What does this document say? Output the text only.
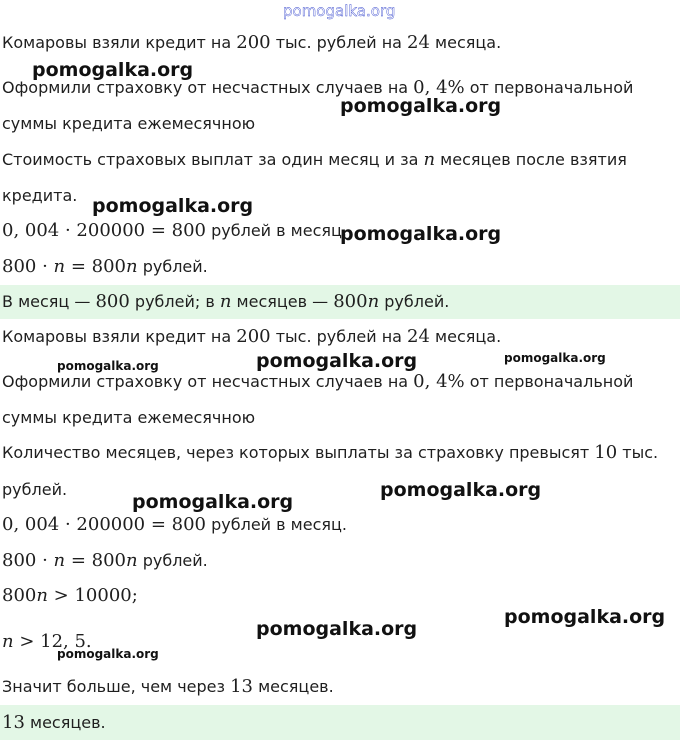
pomogalka.org
Комаровы взяли кредит на 200 тыс. рублей на 24 месяца.
Оформили страховку от несчастных случаев на 0, 4% от первоначальной
суммы кредита ежемесячною
Стоимость страховых выплат за один месяц и за n месяцев после взятия
кредита.
0, 004 · 200000 = 800 рублей в месяц.
800 · n = 800n рублей.
В месяц — 800 рублей; в n месяцев — 800n рублей.
Комаровы взяли кредит на 200 тыс. рублей на 24 месяца.
Оформили страховку от несчастных случаев на 0, 4% от первоначальной
суммы кредита ежемесячною
Количество месяцев, через которых выплаты за страховку превысят 10 тыс.
рублей.
0, 004 · 200000 = 800 рублей в месяц.
800 · n = 800n рублей.
800n > 10000;
n > 12, 5.
Значит больше, чем через 13 месяцев.
13 месяцев.
pomogalka.org
pomogalka.org
pomogalka.org
pomogalka.org
pomogalka.org	pomogalka.org	pomogalka.org
pomogalka.org
pomogalka.org
pomogalka.org
pomogalka.org
pomogalka.org
